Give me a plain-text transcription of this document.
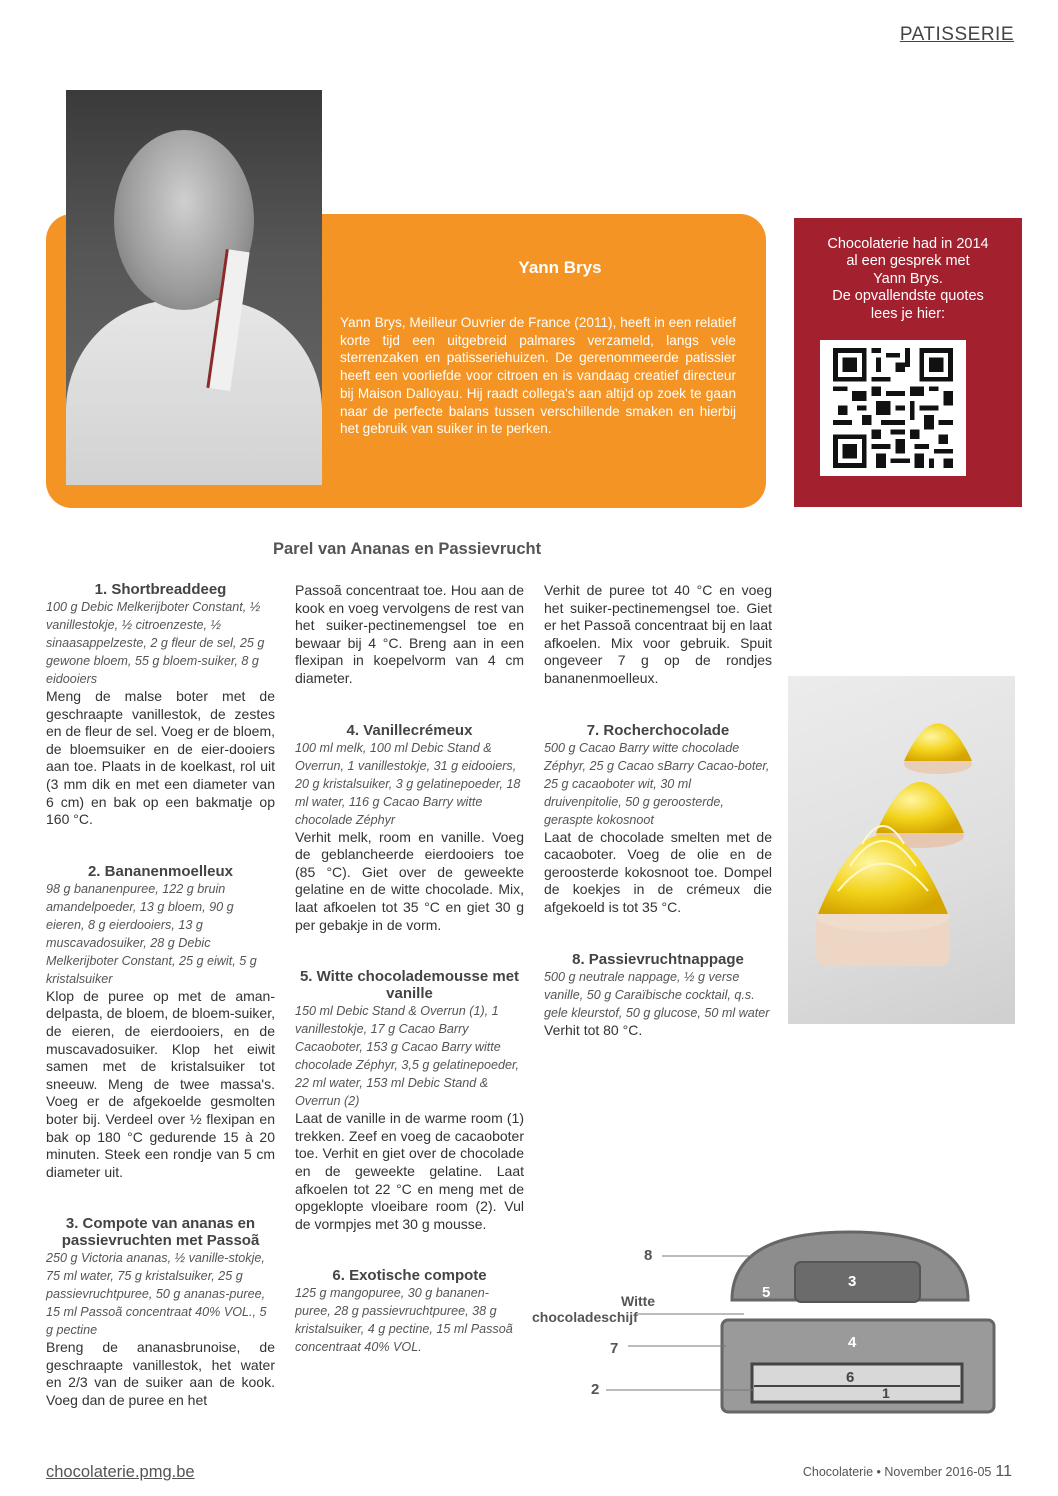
PATISSERIE
Yann Brys
Yann Brys, Meilleur Ouvrier de France (2011), heeft in een relatief korte tijd een uitgebreid palmares verzameld, langs vele sterrenzaken en patisseriehuizen. De gerenommeerde patissier heeft een voorliefde voor citroen en is vandaag creatief directeur bij Maison Dalloyau. Hij raadt collega's aan altijd op zoek te gaan naar de perfecte balans tussen verschillende smaken en hierbij het gebruik van suiker in te perken.
Chocolaterie had in 2014
al een gesprek met
Yann Brys.
De opvallendste quotes
lees je hier:
Parel van Ananas en Passievrucht
1. Shortbreaddeeg
100 g Debic Melkerijboter Constant, ½ vanillestokje, ½ citroenzeste, ½ sinaasappelzeste, 2 g fleur de sel, 25 g gewone bloem, 55 g bloem-suiker, 8 g eidooiers

Meng de malse boter met de geschraapte vanillestok, de zestes en de fleur de sel. Voeg er de bloem, de bloemsuiker en de eier-dooiers aan toe. Plaats in de koelkast, rol uit (3 mm dik en met een diameter van 6 cm) en bak op een bakmatje op 160 °C.

2. Bananenmoelleux
98 g bananenpuree, 122 g bruin amandelpoeder, 13 g bloem, 90 g eieren, 8 g eierdooiers, 13 g muscavadosuiker, 28 g Debic Melkerijboter Constant, 25 g eiwit, 5 g kristalsuiker

Klop de puree op met de aman-delpasta, de bloem, de bloem-suiker, de eieren, de eierdooiers, en de muscavadosuiker. Klop het eiwit samen met de kristalsuiker tot sneeuw. Meng de twee massa's. Voeg er de afgekoelde gesmolten boter bij. Verdeel over ½ flexipan en bak op 180 °C gedurende 15 à 20 minuten. Steek een rondje van 5 cm diameter uit.

3. Compote van ananas en passievruchten met Passoã
250 g Victoria ananas, ½ vanille-stokje, 75 ml water, 75 g kristalsuiker, 25 g passievruchtpuree, 50 g ananas-puree, 15 ml Passoã concentraat 40% VOL., 5 g pectine

Breng de ananasbrunoise, de geschraapte vanillestok, het water en 2/3 van de suiker aan de kook. Voeg dan de puree en het

Passoã concentraat toe. Hou aan de kook en voeg vervolgens de rest van het suiker-pectinemengsel toe en bewaar bij 4 °C. Breng aan in een flexipan in koepelvorm van 4 cm diameter.

4. Vanillecrémeux
100 ml melk, 100 ml Debic Stand & Overrun, 1 vanillestokje, 31 g eidooiers, 20 g kristalsuiker, 3 g gelatinepoeder, 18 ml water, 116 g Cacao Barry witte chocolade Zéphyr

Verhit melk, room en vanille. Voeg de geblancheerde eierdooiers toe (85 °C). Giet over de geweekte gelatine en de witte chocolade. Mix, laat afkoelen tot 35 °C en giet 30 g per gebakje in de vorm.

5. Witte chocolademousse met vanille
150 ml Debic Stand & Overrun (1), 1 vanillestokje, 17 g Cacao Barry Cacaoboter, 153 g Cacao Barry witte chocolade Zéphyr, 3,5 g gelatinepoeder, 22 ml water, 153 ml Debic Stand & Overrun (2)

Laat de vanille in de warme room (1) trekken. Zeef en voeg de cacaoboter toe. Verhit en giet over de chocolade en de geweekte gelatine. Laat afkoelen tot 22 °C en meng met de opgeklopte vloeibare room (2). Vul de vormpjes met 30 g mousse.

6. Exotische compote
125 g mangopuree, 30 g bananen-puree, 28 g passievruchtpuree, 38 g kristalsuiker, 4 g pectine, 15 ml Passoã concentraat 40% VOL.

Verhit de puree tot 40 °C en voeg het suiker-pectinemengsel toe. Giet er het Passoã concentraat bij en laat afkoelen. Mix voor gebruik. Spuit ongeveer 7 g op de rondjes bananenmoelleux.

7. Rocherchocolade
500 g Cacao Barry witte chocolade Zéphyr, 25 g Cacao sBarry Cacao-boter, 25 g cacaoboter wit, 30 ml druivenpitolie, 50 g geroosterde, geraspte kokosnoot

Laat de chocolade smelten met de cacaoboter. Voeg de olie en de geroosterde kokosnoot toe. Dompel de koekjes in de crémeux die afgekoeld is tot 35 °C.

8. Passievruchtnappage
500 g neutrale nappage, ½ g verse vanille, 50 g Caraïbische cocktail, q.s. gele kleurstof, 50 g glucose, 50 ml water

Verhit tot 80 °C.

8
Witte
chocoladeschijf
7
2
5
3
4
6
1
chocolaterie.pmg.be	Chocolaterie • November 2016-05 11
